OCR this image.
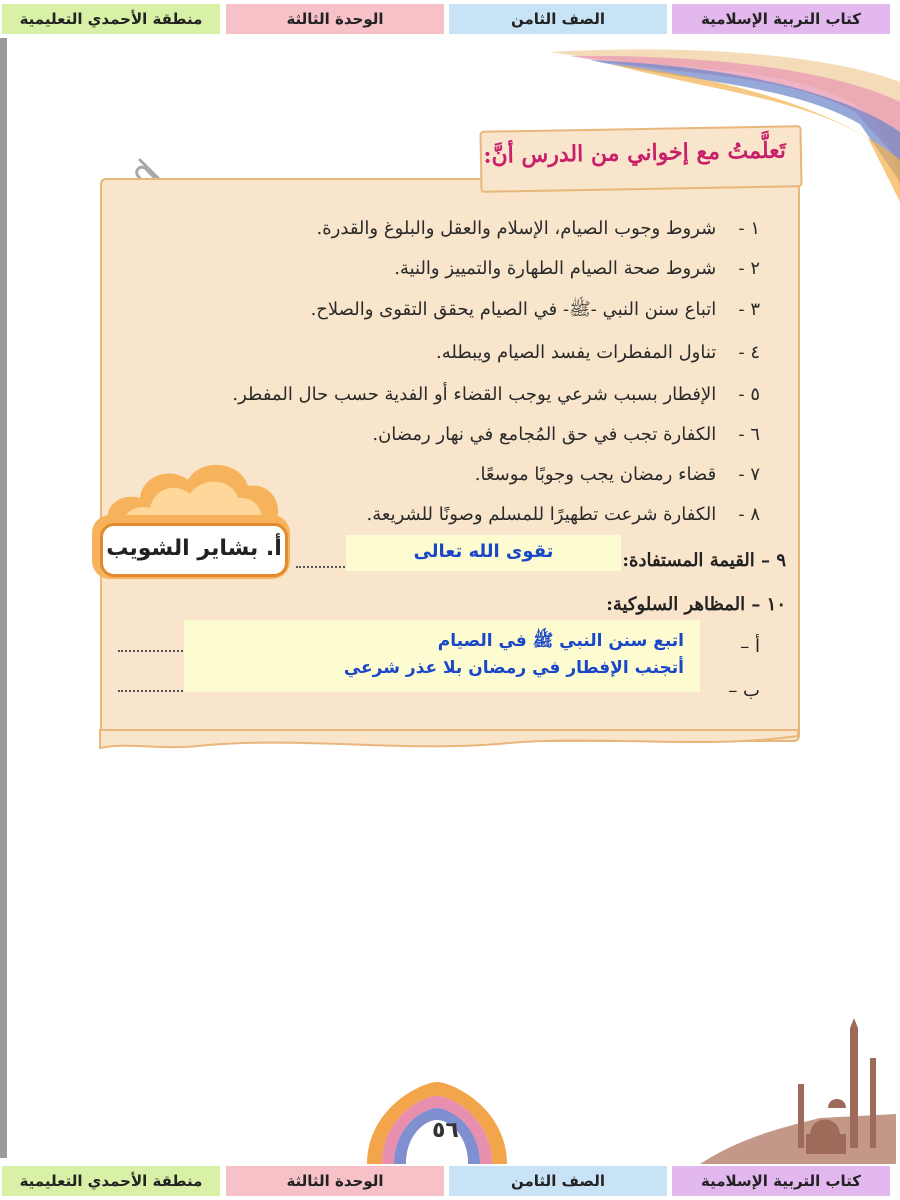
كتاب التربية الإسلامية
الصف الثامن
الوحدة الثالثة
منطقة الأحمدي التعليمية
تَعلَّمتُ مع إخواني من الدرس أنَّ:
١ - شروط وجوب الصيام، الإسلام والعقل والبلوغ والقدرة.
٢ - شروط صحة الصيام الطهارة والتمييز والنية.
٣ - اتباع سنن النبي -ﷺ- في الصيام يحقق التقوى والصلاح.
٤ - تناول المفطرات يفسد الصيام ويبطله.
٥ - الإفطار بسبب شرعي يوجب القضاء أو الفدية حسب حال المفطر.
٦ - الكفارة تجب في حق المُجامع في نهار رمضان.
٧ - قضاء رمضان يجب وجوبًا موسعًا.
٨ - الكفارة شرعت تطهيرًا للمسلم وصونًا للشريعة.
٩ – القيمة المستفادة:
تقوى الله تعالى
١٠ – المظاهر السلوكية:
أ –
ب –
اتبع سنن النبي ﷺ في الصيام
أتجنب الإفطار في رمضان بلا عذر شرعي
أ. بشاير الشويب
٥٦
كتاب التربية الإسلامية
الصف الثامن
الوحدة الثالثة
منطقة الأحمدي التعليمية
